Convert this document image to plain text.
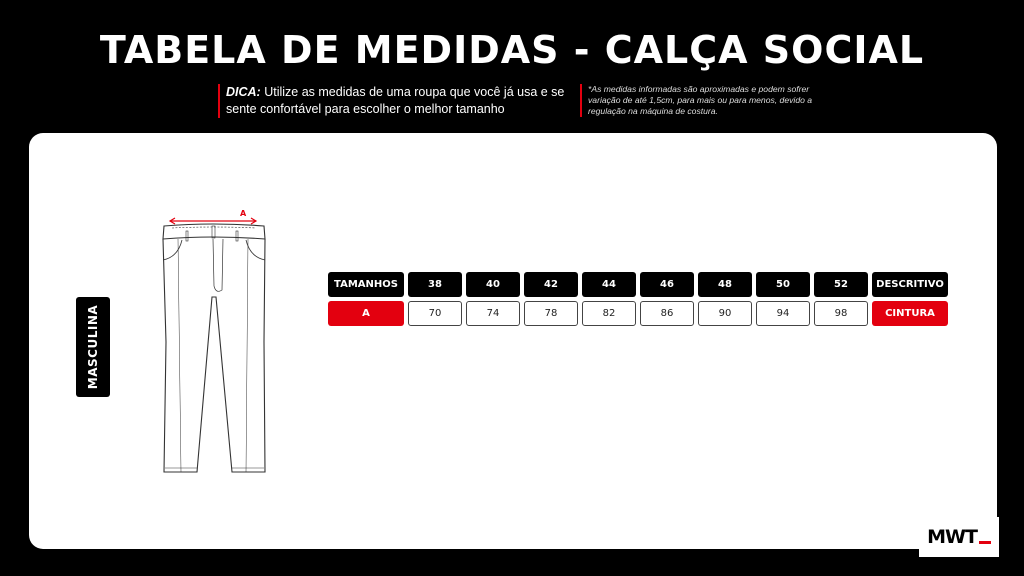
TABELA DE MEDIDAS - CALÇA SOCIAL
DICA: Utilize as medidas de uma roupa que você já usa e se sente confortável para escolher o melhor tamanho
*As medidas informadas são aproximadas e podem sofrer variação de até 1,5cm, para mais ou para menos, devido a regulação na máquina de costura.
MASCULINA
A
TAMANHOS	38	40	42	44	46	48	50	52	DESCRITIVO
A	70	74	78	82	86	90	94	98	CINTURA
MWT
